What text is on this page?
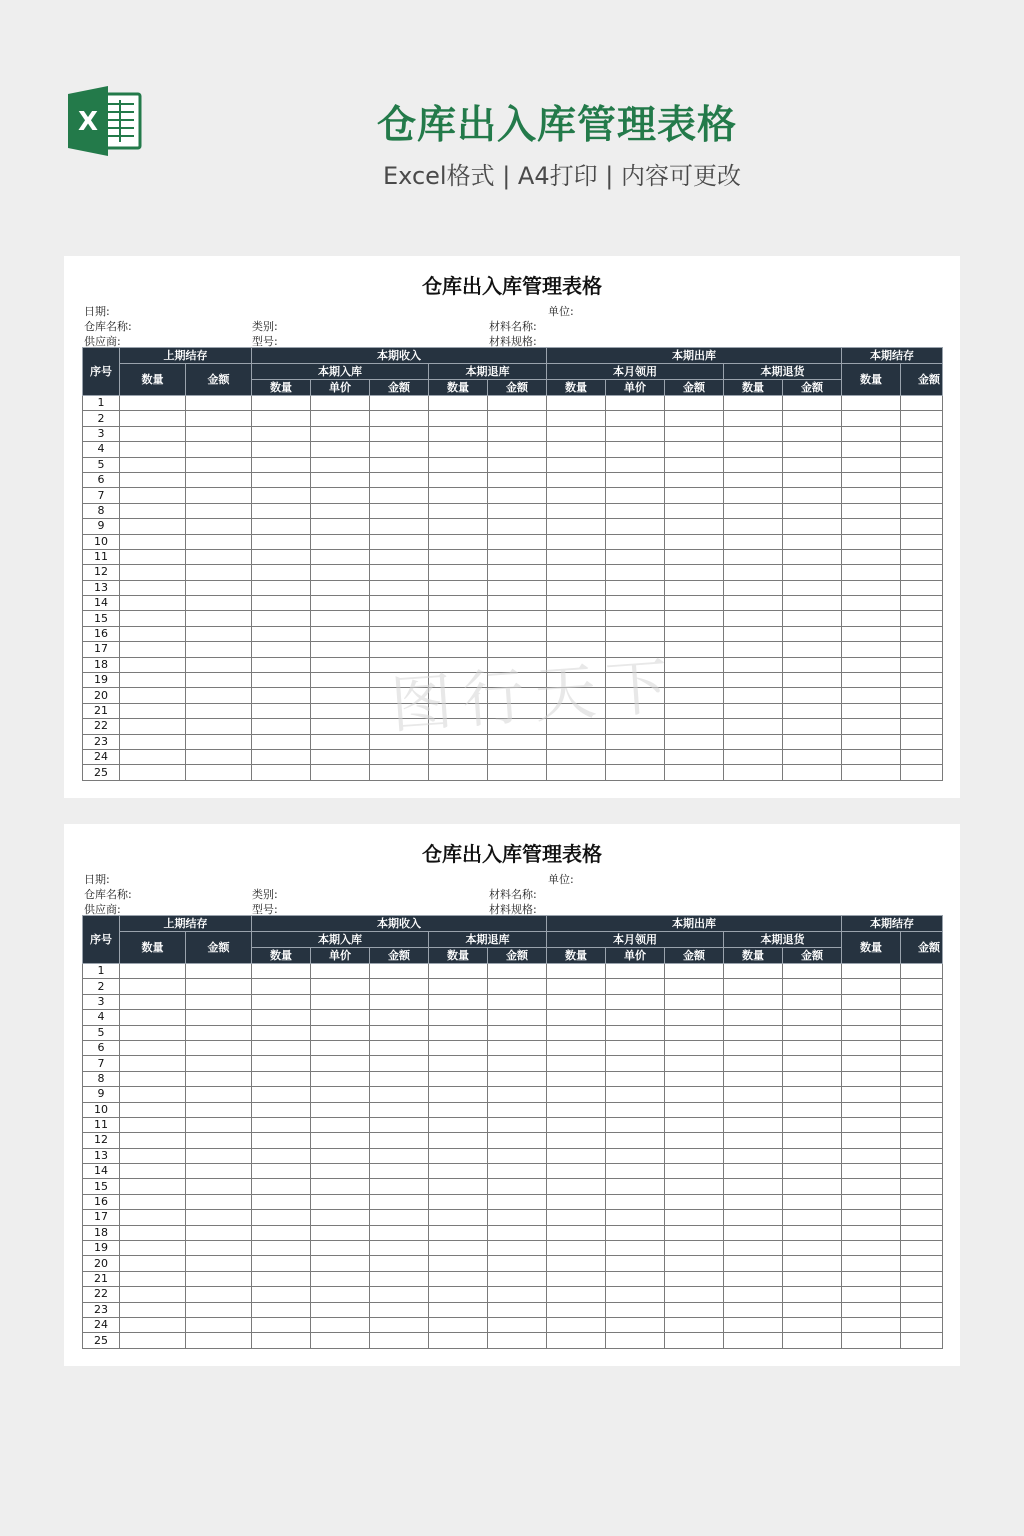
X	仓库出入库管理表格
Excel格式 | A4打印 | 内容可更改
仓库出入库管理表格
日期:	单位:
仓库名称:	类别:	材料名称:
供应商:	型号:	材料规格:
序号	上期结存		本期收入					本期出库					本期结存	
	数量	金额	本期入库			本期退库		本月领用			本期退货		数量	金额
			数量	单价	金额	数量	金额	数量	单价	金额	数量	金额		
1														
2														
3														
4														
5														
6														
7														
8														
9														
10														
11														
12														
13														
14														
15														
16														
17														
18														
19														
20														
21														
22														
23														
24														
25														
仓库出入库管理表格
日期:	单位:
仓库名称:	类别:	材料名称:
供应商:	型号:	材料规格:
序号	上期结存		本期收入					本期出库					本期结存	
	数量	金额	本期入库			本期退库		本月领用			本期退货		数量	金额
			数量	单价	金额	数量	金额	数量	单价	金额	数量	金额		
1														
2														
3														
4														
5														
6														
7														
8														
9														
10														
11														
12														
13														
14														
15														
16														
17														
18														
19														
20														
21														
22														
23														
24														
25														
图行天下
